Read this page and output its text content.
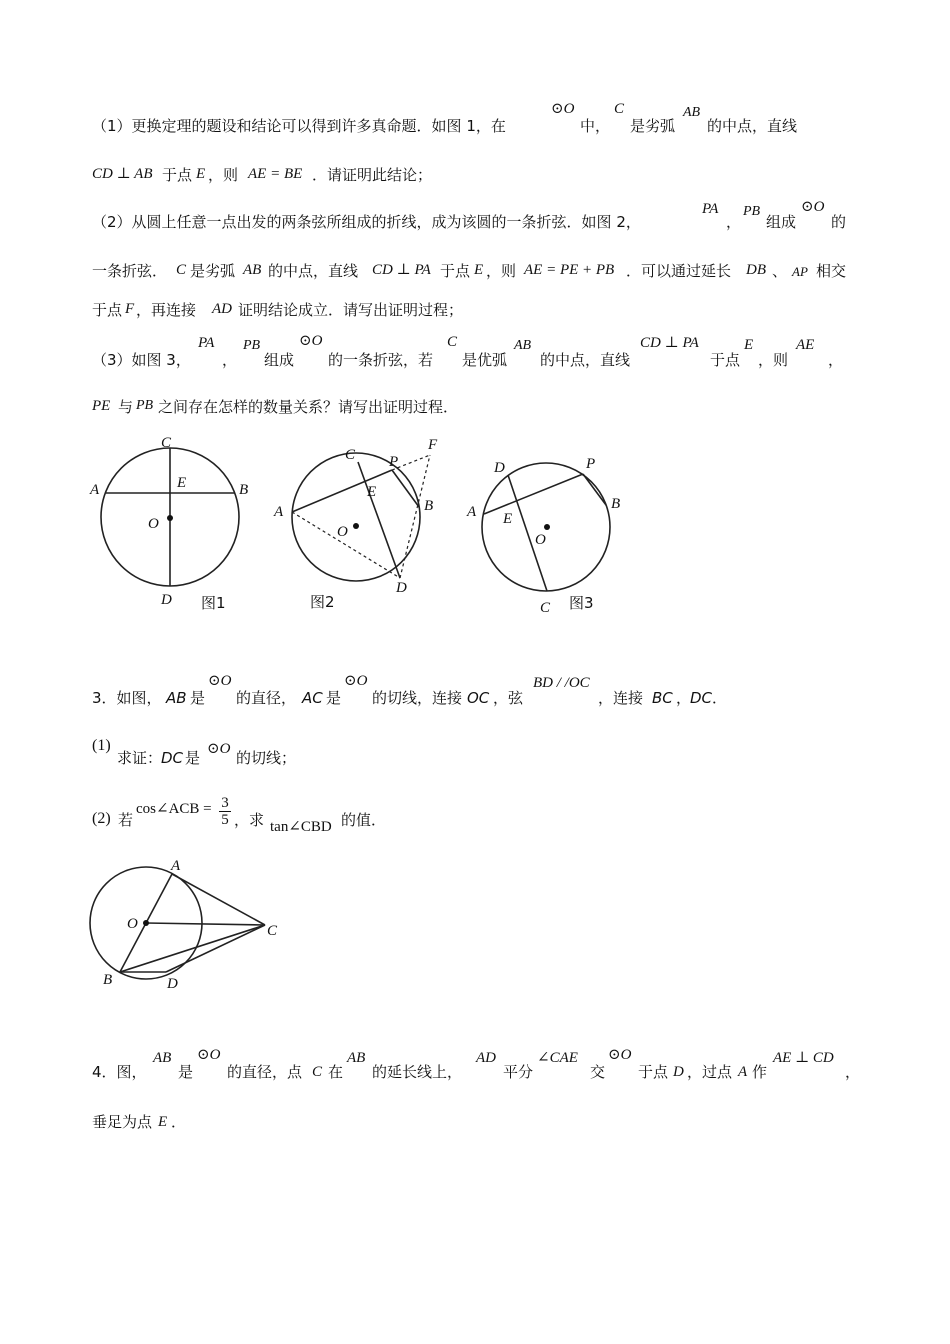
（1）更换定理的题设和结论可以得到许多真命题．如图 1，在
⊙O
中，
C
是劣弧
AB
的中点，直线
CD ⊥ AB 于点 E ，则 AE = BE ．请证明此结论；
（2）从圆上任意一点出发的两条弦所组成的折线，成为该圆的一条折弦．如图 2，
PA
，
PB
组成
⊙O
的
一条折弦． C 是劣弧 AB 的中点，直线 CD ⊥ PA 于点 E ，则 AE = PE + PB ．可以通过延长 DB 、 AP 相交
于点 F ，再连接 AD 证明结论成立．请写出证明过程；
（3）如图 3，
PA
，
PB
组成
⊙O
的一条折弦，若
C
是优弧
AB
的中点，直线
CD ⊥ PA
于点
E
，则
AE
，
PE 与 PB 之间存在怎样的数量关系？请写出证明过程．
C
A	E	B
O
D 图1
C P
F
E
A
O
B
D
图2
D	P
A E
O
B
C 图3
3．如图， AB 是
⊙O
的直径， AC 是
⊙O
的切线，连接 OC ，弦
BD / /OC
，连接 BC ，
DC ．
(1)
求证：
DC 是 ⊙O 的切线；
(2) 若
cos∠ACB = 3
5 ，求 tan∠CBD 的值．
A
O	C
B	D
4．图，
AB
是
⊙O
的直径，点 C 在
AB
的延长线上，
AD
平分
∠CAE
交
⊙O
于点 D ，过点 A 作
AE ⊥ CD
，
垂足为点 E ．
